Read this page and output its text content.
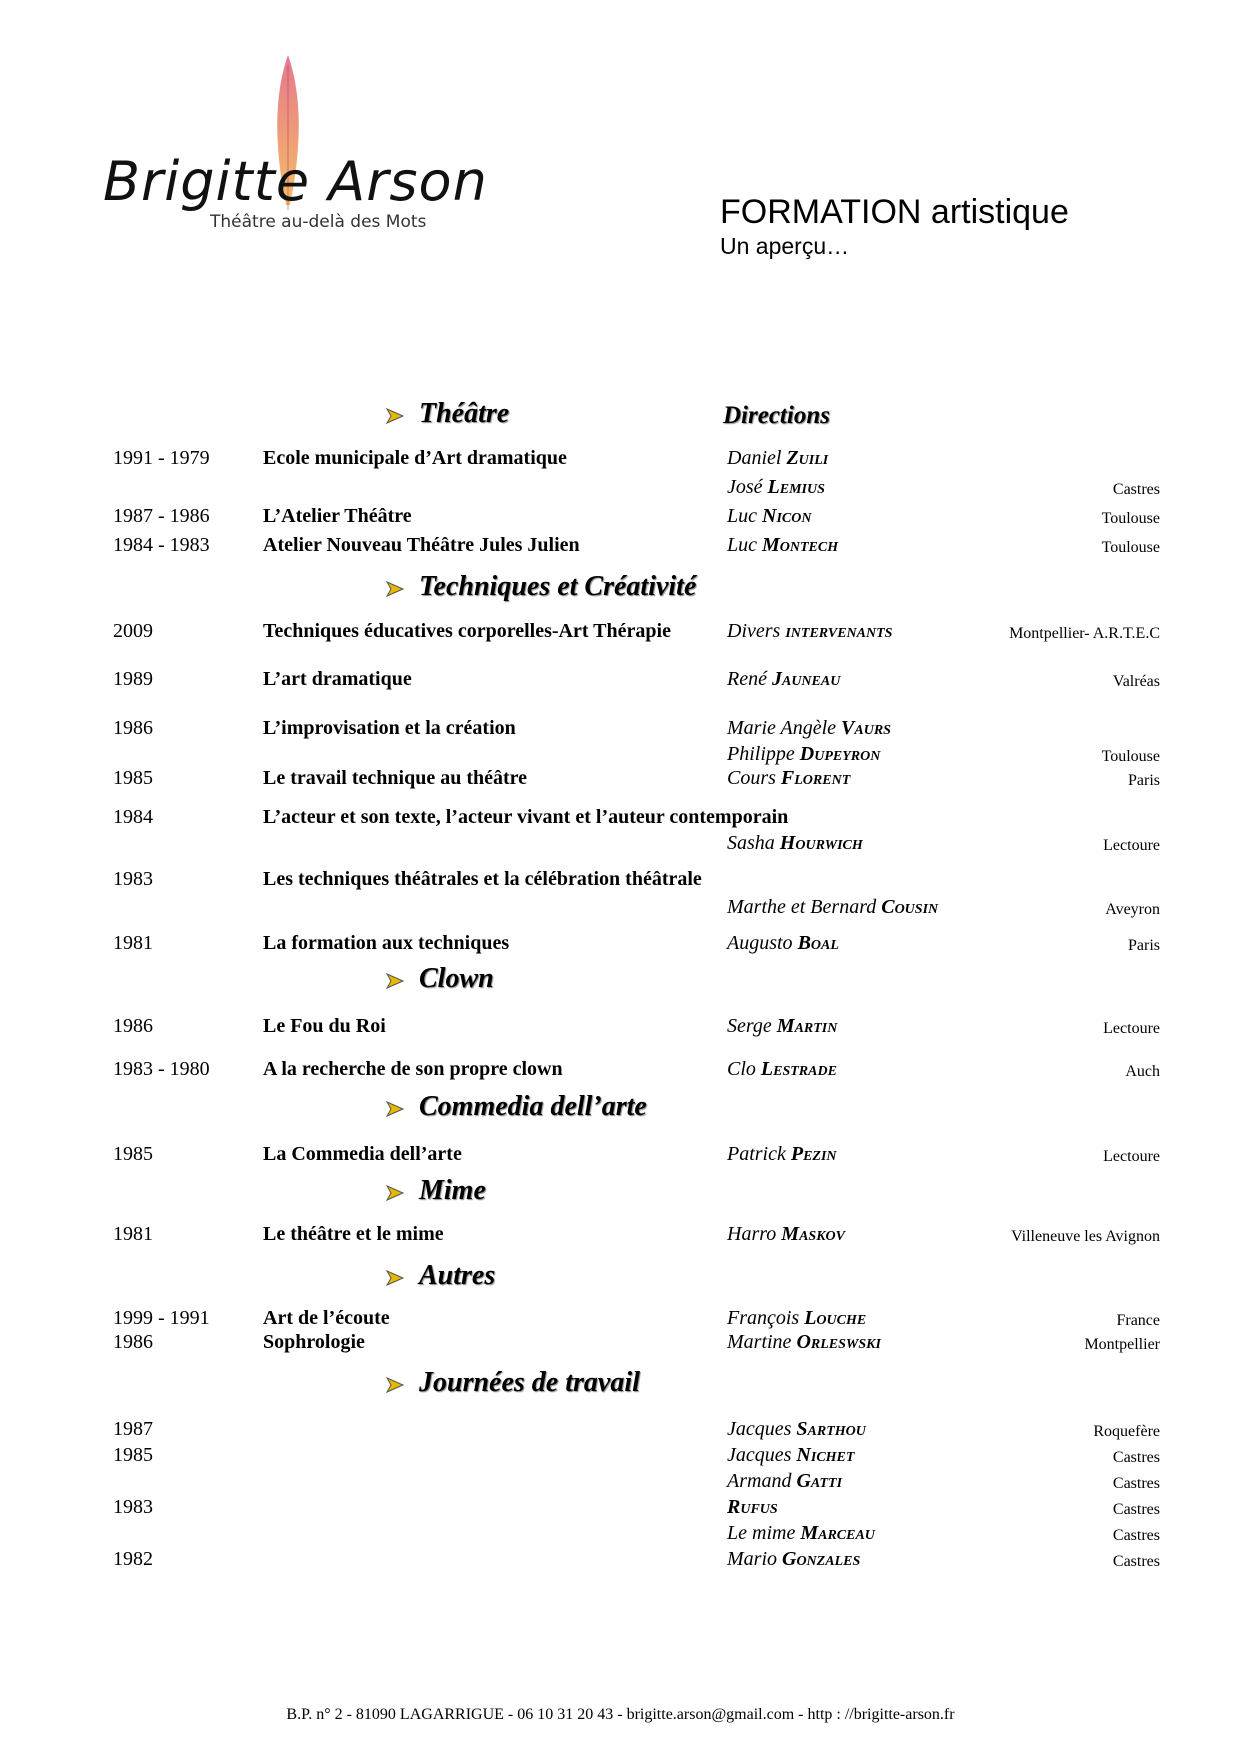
Brigitte Arson
Théâtre au-delà des Mots	FORMATION artistique
Un aperçu…
Directions
Théâtre
Techniques et Créativité
Clown
Commedia dell’arte
Mime
Autres
Journées de travail
1991 - 1979	Ecole municipale d’Art dramatique	Daniel Zuili
José Lemius	Castres
1987 - 1986	L’Atelier Théâtre	Luc Nicon	Toulouse
1984 - 1983	Atelier Nouveau Théâtre Jules Julien	Luc Montech	Toulouse
2009	Techniques éducatives corporelles-Art Thérapie	Divers intervenants	Montpellier- A.R.T.E.C
1989	L’art dramatique	René Jauneau	Valréas
1986	L’improvisation et la création	Marie Angèle Vaurs
Philippe Dupeyron	Toulouse
1985	Le travail technique au théâtre	Cours Florent	Paris
1984	L’acteur et son texte, l’acteur vivant et l’auteur contemporain
Sasha Hourwich	Lectoure
1983	Les techniques théâtrales et la célébration théâtrale
Marthe et Bernard Cousin	Aveyron
1981	La formation aux techniques	Augusto Boal	Paris
1986	Le Fou du Roi	Serge Martin	Lectoure
1983 - 1980	A la recherche de son propre clown	Clo Lestrade	Auch
1985	La Commedia dell’arte	Patrick Pezin	Lectoure
1981	Le théâtre et le mime	Harro Maskov	Villeneuve les Avignon
1999 - 1991	Art de l’écoute	François Louche	France
1986	Sophrologie	Martine Orleswski	Montpellier
1987	Jacques Sarthou	Roquefère
1985	Jacques Nichet	Castres
Armand Gatti	Castres
1983	Rufus	Castres
Le mime Marceau	Castres
1982	Mario Gonzales	Castres
B.P. n° 2 - 81090 LAGARRIGUE - 06 10 31 20 43 - brigitte.arson@gmail.com - http : //brigitte-arson.fr
